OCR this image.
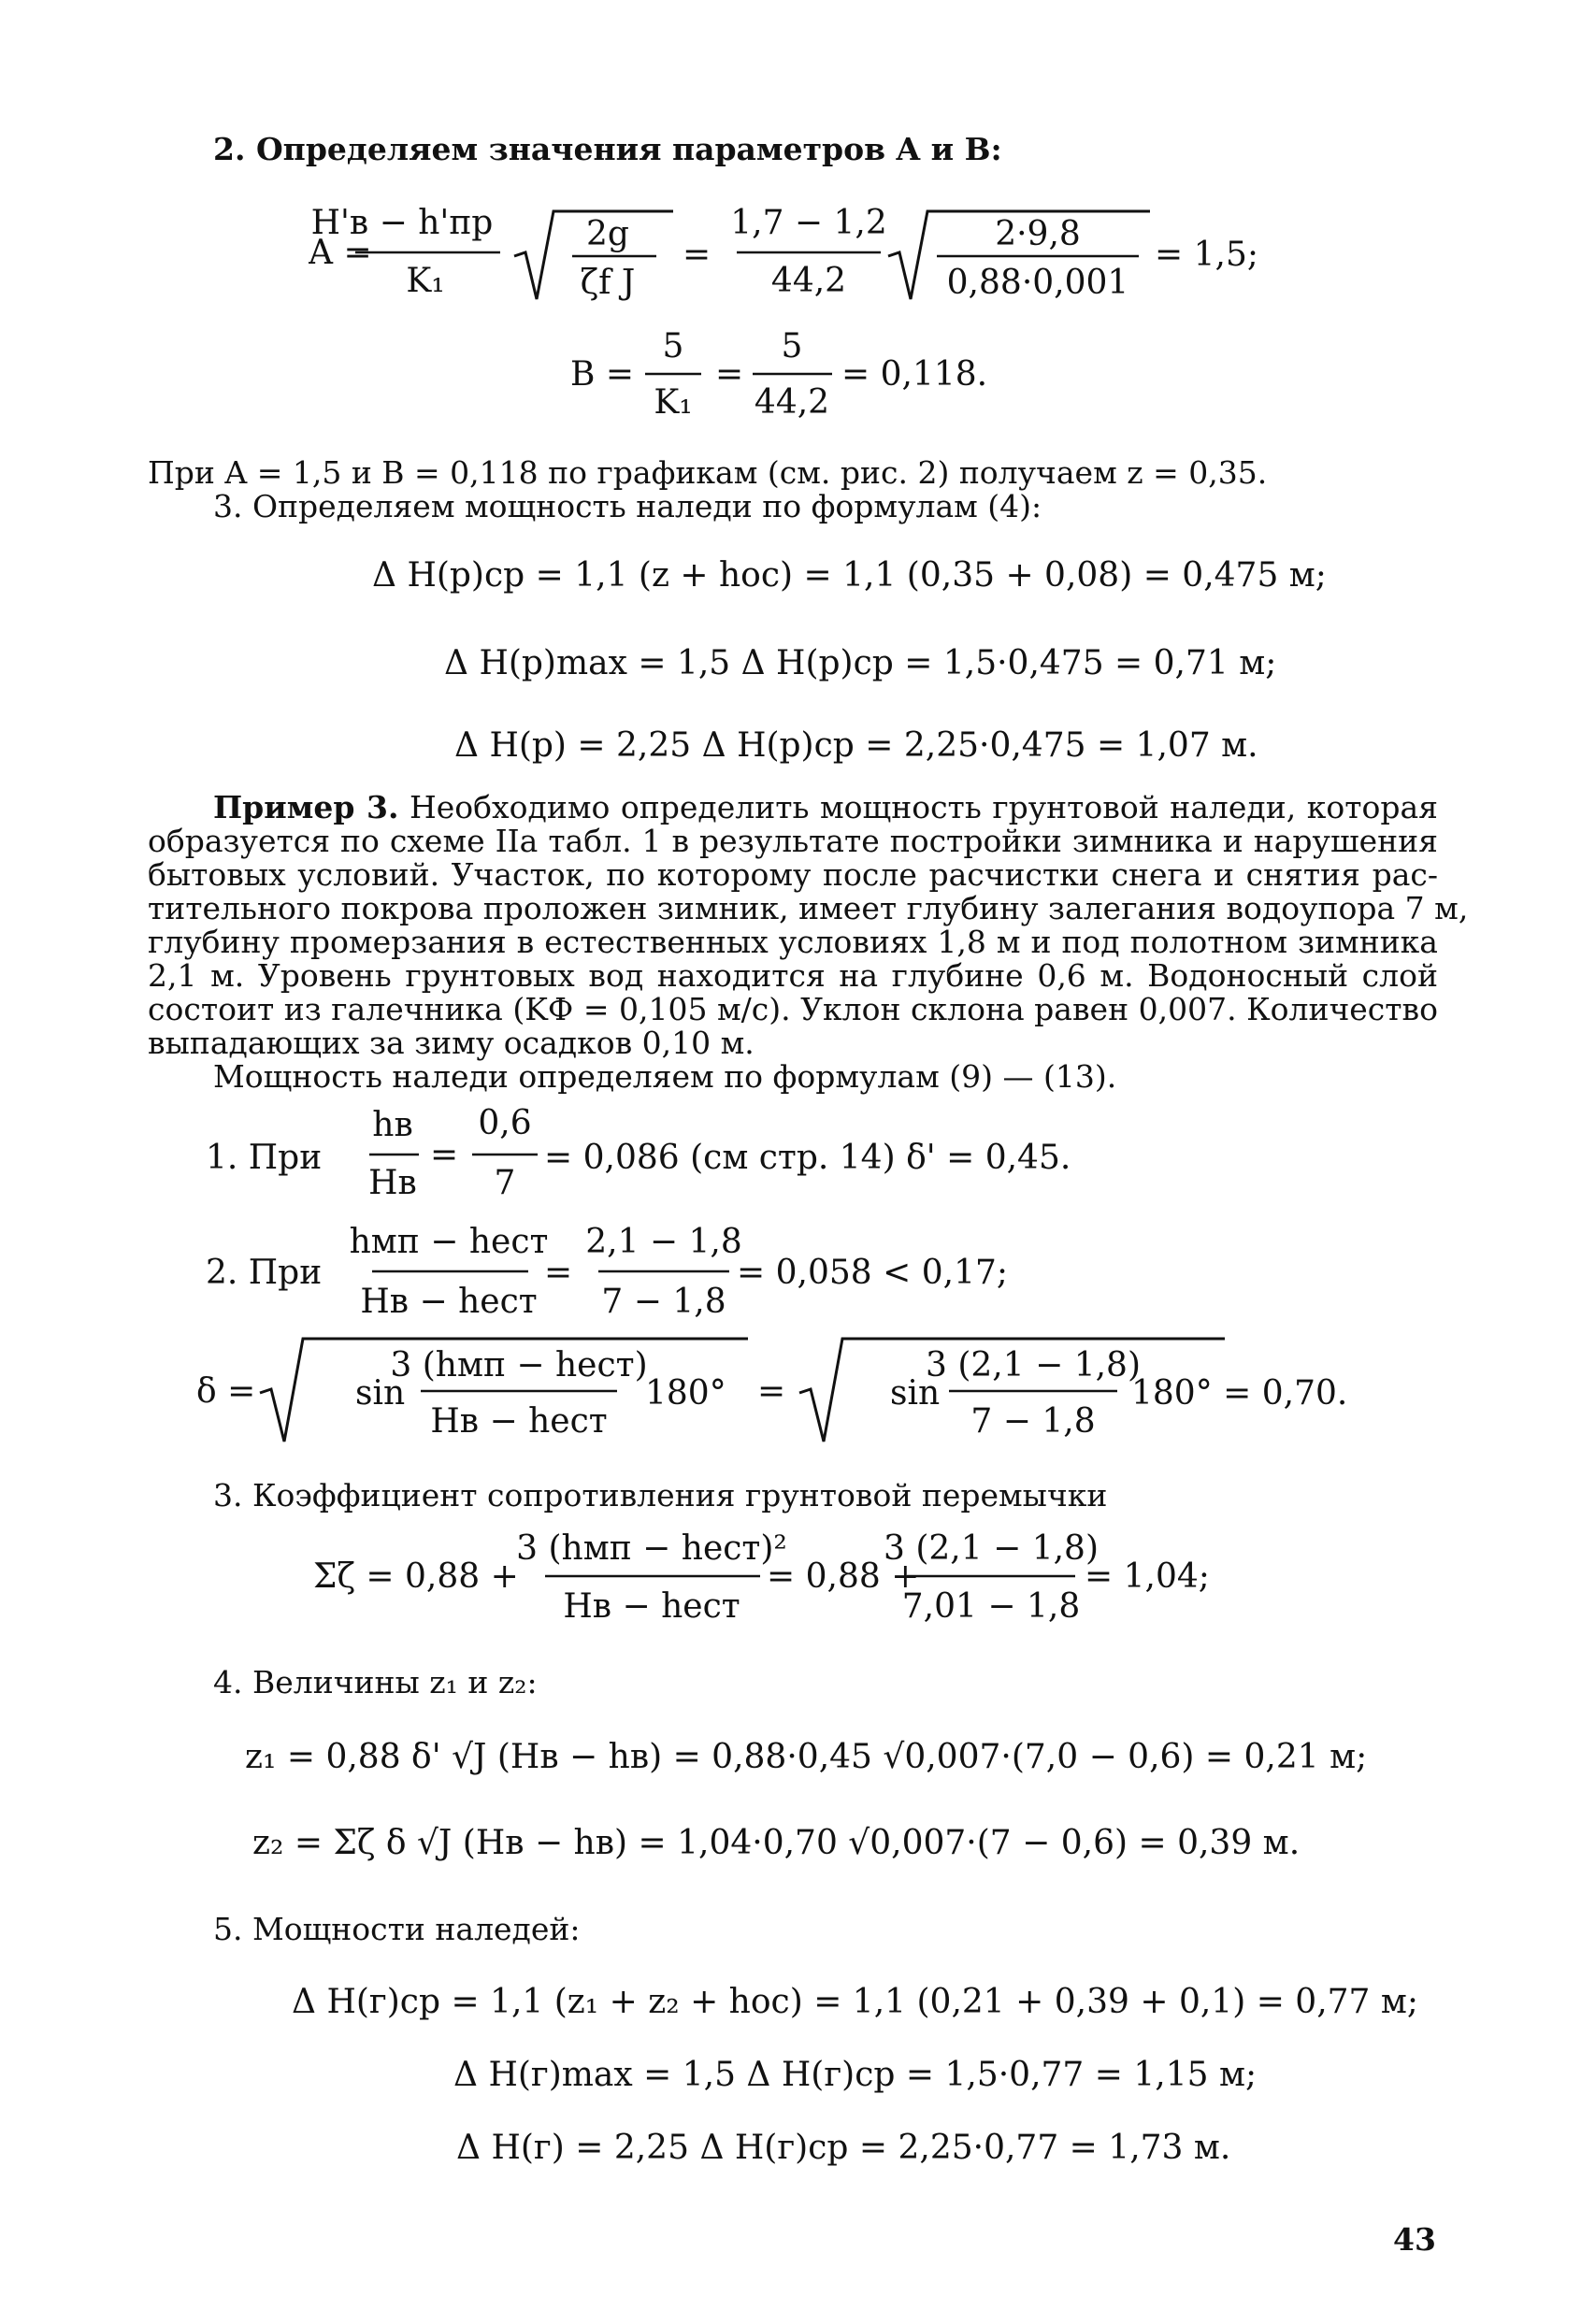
2. Определяем значения параметров A и B:
A =
H'в − h'пр
K₁
2g
ζf J
=
1,7 − 1,2
44,2
2·9,8
0,88·0,001
= 1,5;
B =
5
K₁
=
5
44,2
= 0,118.
При A = 1,5 и B = 0,118 по графикам (см. рис. 2) получаем z = 0,35.
3. Определяем мощность наледи по формулам (4):
Δ H(р)ср = 1,1 (z + hос) = 1,1 (0,35 + 0,08) = 0,475 м;
Δ H(р)max = 1,5 Δ H(р)ср = 1,5·0,475 = 0,71 м;
Δ H(р) = 2,25 Δ H(р)ср = 2,25·0,475 = 1,07 м.
Пример 3. Необходимо определить мощность грунтовой наледи, которая
образуется по схеме IIa табл. 1 в результате постройки зимника и нарушения
бытовых условий. Участок, по которому после расчистки снега и снятия рас-
тительного покрова проложен зимник, имеет глубину залегания водоупора 7 м,
глубину промерзания в естественных условиях 1,8 м и под полотном зимника
2,1 м. Уровень грунтовых вод находится на глубине 0,6 м. Водоносный слой
состоит из галечника (KФ = 0,105 м/с). Уклон склона равен 0,007. Количество
выпадающих за зиму осадков 0,10 м.
Мощность наледи определяем по формулам (9) — (13).
1. При
hв
Hв
=
0,6
7
= 0,086 (см стр. 14) δ' = 0,45.
2. При
hмп − hест
Hв − hест
=
2,1 − 1,8
7 − 1,8
= 0,058 < 0,17;
δ =	sin
3 (hмп − hест)
Hв − hест
180° =	sin
3 (2,1 − 1,8)
7 − 1,8
180° = 0,70.
3. Коэффициент сопротивления грунтовой перемычки
Σζ = 0,88 +
3 (hмп − hест)²
Hв − hест
= 0,88 +
3 (2,1 − 1,8)
7,01 − 1,8
= 1,04;
4. Величины z₁ и z₂:
z₁ = 0,88 δ' √J (Hв − hв) = 0,88·0,45 √0,007·(7,0 − 0,6) = 0,21 м;
z₂ = Σζ δ √J (Hв − hв) = 1,04·0,70 √0,007·(7 − 0,6) = 0,39 м.
5. Мощности наледей:
Δ H(г)ср = 1,1 (z₁ + z₂ + hос) = 1,1 (0,21 + 0,39 + 0,1) = 0,77 м;
Δ H(г)max = 1,5 Δ H(г)ср = 1,5·0,77 = 1,15 м;
Δ H(г) = 2,25 Δ H(г)ср = 2,25·0,77 = 1,73 м.
43
